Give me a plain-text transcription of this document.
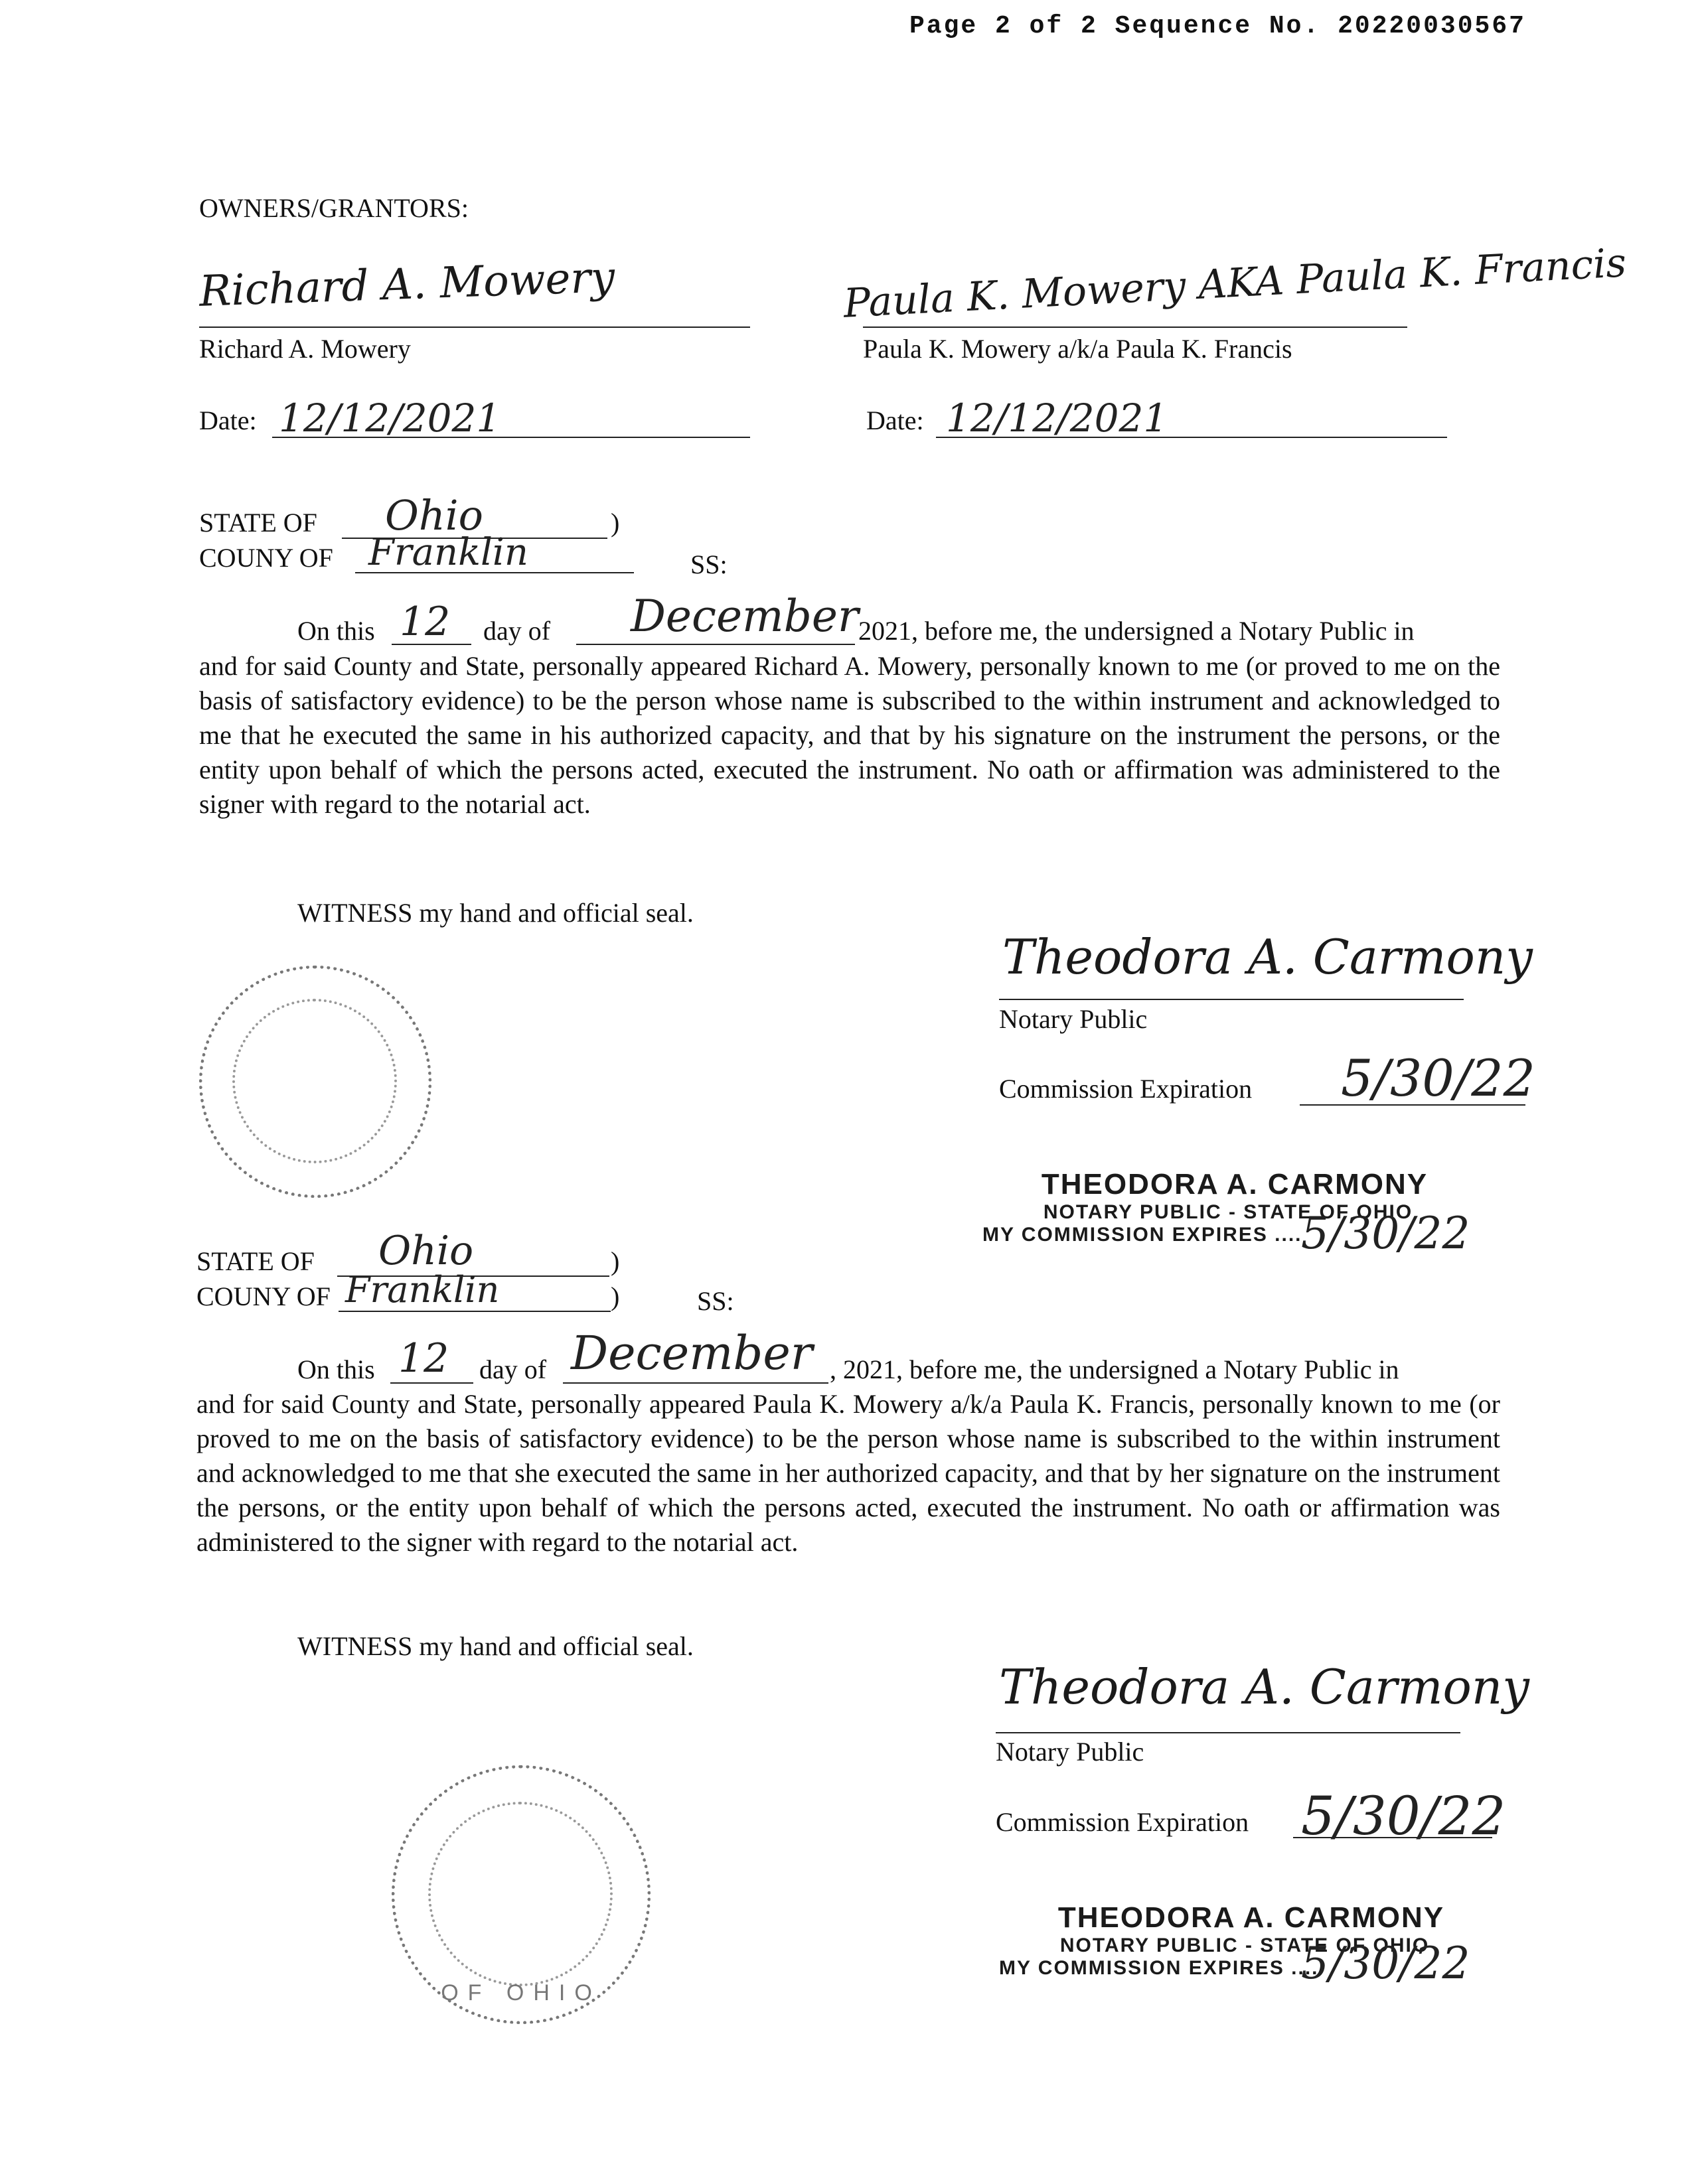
Page 2 of 2 Sequence No. 20220030567
OWNERS/GRANTORS:
Richard A. Mowery
Richard A. Mowery
Date: 12/12/2021
Paula K. Mowery AKA Paula K. Francis
Paula K. Mowery a/k/a Paula K. Francis
Date: 12/12/2021
STATE OF Ohio	)
COUNY OF Franklin	SS:
On this 12 day of December 2021, before me, the undersigned a Notary Public in
and for said County and State, personally appeared Richard A. Mowery, personally known to me (or proved to me on the basis of satisfactory evidence) to be the person whose name is subscribed to the within instrument and acknowledged to me that he executed the same in his authorized capacity, and that by his signature on the instrument the persons, or the entity upon behalf of which the persons acted, executed the instrument. No oath or affirmation was administered to the signer with regard to the notarial act.
WITNESS my hand and official seal.
Theodora A. Carmony
Notary Public
Commission Expiration 5/30/22
THEODORA A. CARMONY
NOTARY PUBLIC - STATE OF OHIO
MY COMMISSION EXPIRES ....
5/30/22
STATE OF Ohio	)
COUNY OF Franklin	)	SS:
On this 12 day of December , 2021, before me, the undersigned a Notary Public in
and for said County and State, personally appeared Paula K. Mowery a/k/a Paula K. Francis, personally known to me (or proved to me on the basis of satisfactory evidence) to be the person whose name is subscribed to the within instrument and acknowledged to me that she executed the same in her authorized capacity, and that by her signature on the instrument the persons, or the entity upon behalf of which the persons acted, executed the instrument. No oath or affirmation was administered to the signer with regard to the notarial act.
WITNESS my hand and official seal.
OF OHIO
Theodora A. Carmony
Notary Public
Commission Expiration 5/30/22
THEODORA A. CARMONY
NOTARY PUBLIC - STATE OF OHIO
MY COMMISSION EXPIRES ....
5/30/22
